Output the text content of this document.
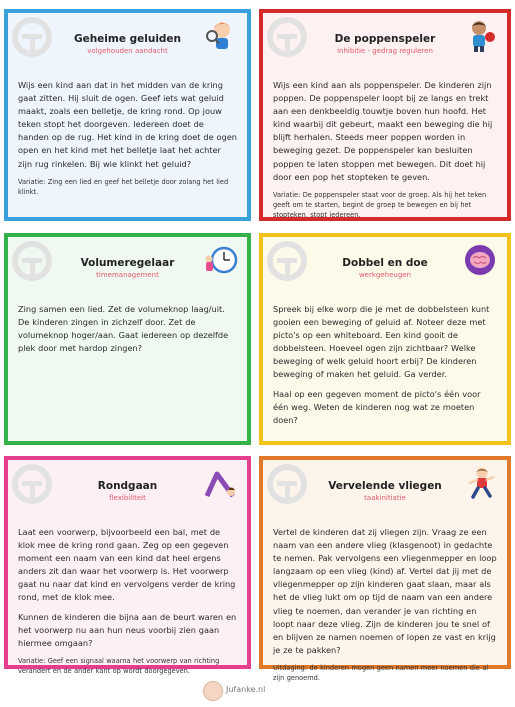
Geheime geluiden
volgehouden aandacht

Wijs een kind aan dat in het midden van de kring gaat zitten. Hij sluit de ogen. Geef iets wat geluid maakt, zoals een belletje, de kring rond. Op jouw teken stopt het doorgeven. Iedereen doet de handen op de rug. Het kind in de kring doet de ogen open en het kind met het belletje laat het achter zijn rug rinkelen. Bij wie klinkt het geluid?

Variatie: Zing een lied en geef het belletje door zolang het lied klinkt.

De poppenspeler
inhibitie - gedrag reguleren

Wijs een kind aan als poppenspeler. De kinderen zijn poppen. De poppenspeler loopt bij ze langs en trekt aan een denkbeeldig touwtje boven hun hoofd. Het kind waarbij dit gebeurt, maakt een beweging die hij blijft herhalen. Steeds meer poppen worden in beweging gezet. De poppenspeler kan besluiten poppen te laten stoppen met bewegen. Dit doet hij door een pop het stopteken te geven.

Variatie: De poppenspeler staat voor de groep. Als hij het teken geeft om te starten, begint de groep te bewegen en bij het stopteken, stopt iedereen.

Volumeregelaar
timemanagement

Zing samen een lied. Zet de volumeknop laag/uit. De kinderen zingen in zichzelf door. Zet de volumeknop hoger/aan. Gaat iedereen op dezelfde plek door met hardop zingen?

Dobbel en doe
werkgeheugen

Spreek bij elke worp die je met de dobbelsteen kunt gooien een beweging of geluid af. Noteer deze met picto's op een whiteboard. Een kind gooit de dobbelsteen. Hoeveel ogen zijn zichtbaar? Welke beweging of welk geluid hoort erbij? De kinderen beweging of maken het geluid. Ga verder.

Haal op een gegeven moment de picto's één voor één weg. Weten de kinderen nog wat ze moeten doen?

Rondgaan
flexibiliteit

Laat een voorwerp, bijvoorbeeld een bal, met de klok mee de kring rond gaan. Zeg op een gegeven moment een naam van een kind dat heel ergens anders zit dan waar het voorwerp is. Het voorwerp gaat nu naar dat kind en vervolgens verder de kring rond, met de klok mee.

Kunnen de kinderen die bijna aan de beurt waren en het voorwerp nu aan hun neus voorbij zien gaan hiermee omgaan?

Variatie: Geef een signaal waarna het voorwerp van richting verandert en de ander kant op wordt doorgegeven.

Vervelende vliegen
taakinitiatie

Vertel de kinderen dat zij vliegen zijn. Vraag ze een naam van een andere vlieg (klasgenoot) in gedachte te nemen. Pak vervolgens een vliegenmepper en loop langzaam op een vlieg (kind) af. Vertel dat jij met de vliegenmepper op zijn kinderen gaat slaan, maar als het de vlieg lukt om op tijd de naam van een andere vlieg te noemen, dan verander je van richting en loopt naar deze vlieg. Zijn de kinderen jou te snel of en blijven ze namen noemen of lopen ze vast en krijg je ze te pakken?

Uitdaging: de kinderen mogen geen namen meer noemen die al zijn genoemd.

Jufanke.nl
